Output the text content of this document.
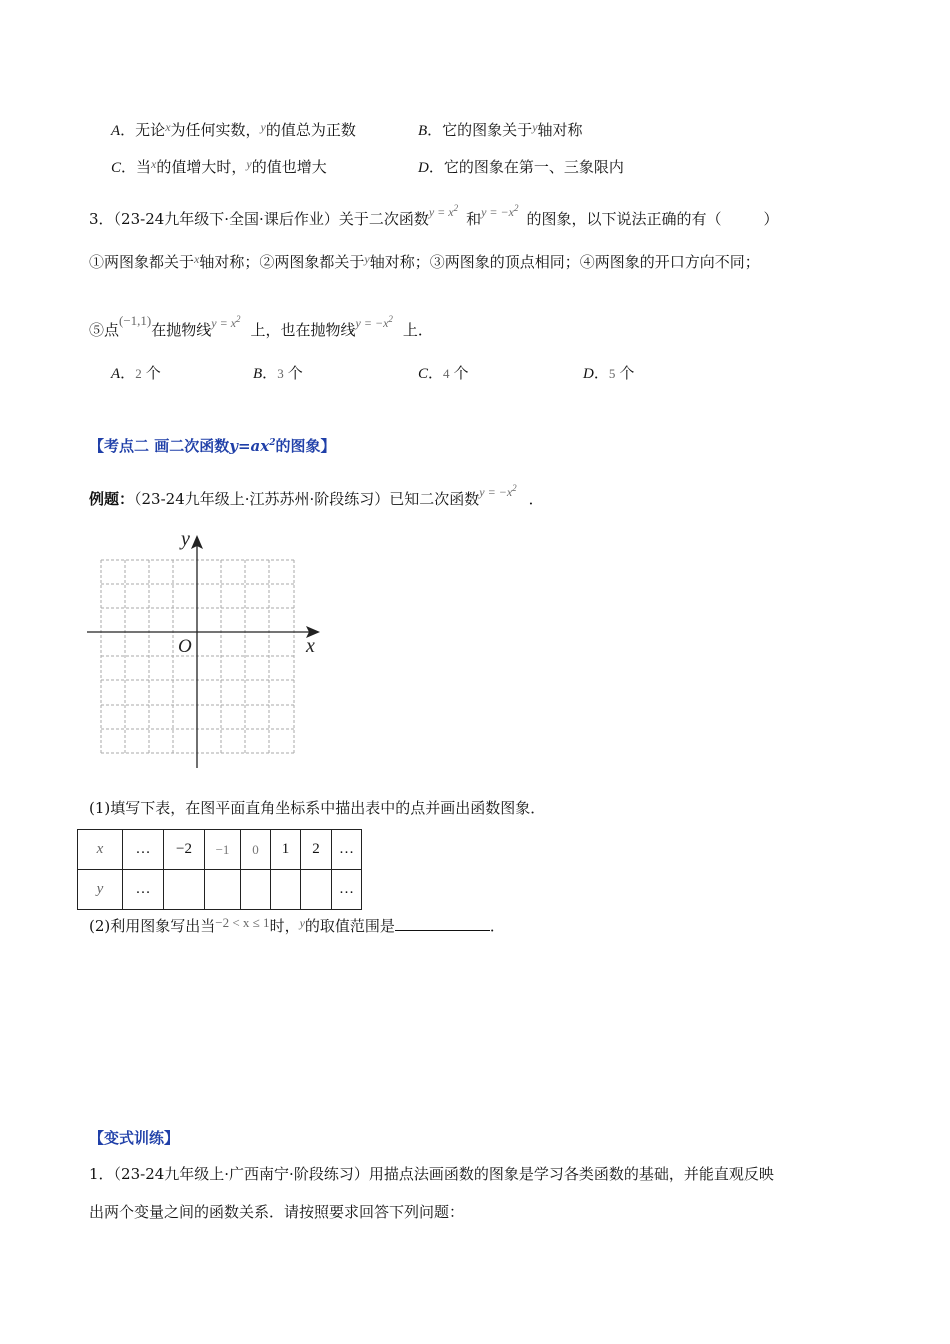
A．无论$^x$为任何实数，$^y$的值总为正数	B．它的图象关于$^y$轴对称
C．当$^x$的值增大时，$^y$的值也增大	D．它的图象在第一、三象限内
3．（23-24九年级下·全国·课后作业）关于二次函数$^{y = x^2}$和$^{y = -x^2}$的图象，以下说法正确的有（	）
①两图象都关于$^x$轴对称；②两图象都关于$^y$轴对称；③两图象的顶点相同；④两图象的开口方向不同；
⑤点(−1,1)在抛物线$^{y = x^2}$上，也在抛物线$^{y = -x^2}$上．
A．2 个	B．3 个	C．4 个	D．5 个
【考点二 画二次函数$y=ax^2$的图象】
例题：（23-24九年级上·江苏苏州·阶段练习）已知二次函数$^{y = -x^2}$．
y
x
O
(1)填写下表，在图平面直角坐标系中描出表中的点并画出函数图象．
x	…	−2	−1	0	1	2	…
y	…						…
(2)利用图象写出当−2 < x ≤ 1时，$^y$的取值范围是	．
【变式训练】
1．（23-24九年级上·广西南宁·阶段练习）用描点法画函数的图象是学习各类函数的基础，并能直观反映
出两个变量之间的函数关系．请按照要求回答下列问题：
